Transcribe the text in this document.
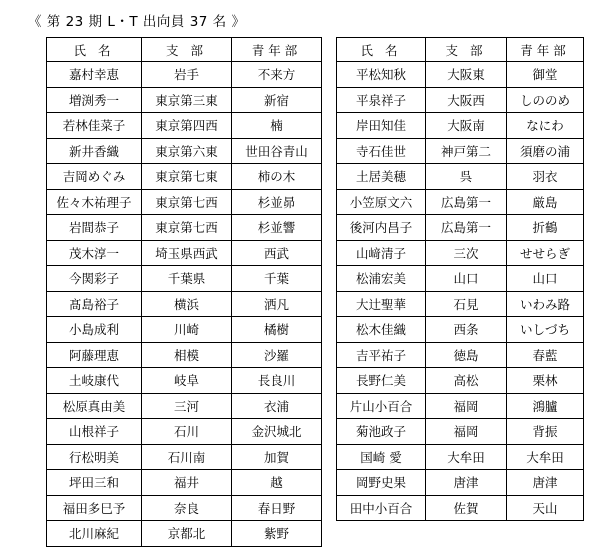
《 第 23 期 L・T 出向員 37 名 》
氏 名	支 部	青年部
嘉村幸恵	岩手	不来方
増渕秀一	東京第三東	新宿
若林佳菜子	東京第四西	楠
新井香織	東京第六東	世田谷青山
吉岡めぐみ	東京第七東	柿の木
佐々木祐理子	東京第七西	杉並昴
岩間恭子	東京第七西	杉並響
茂木淳一	埼玉県西武	西武
今関彩子	千葉県	千葉
髙島裕子	横浜	洒凡
小島成利	川崎	橘樹
阿藤理恵	相模	沙羅
土岐康代	岐阜	長良川
松原真由美	三河	衣浦
山根祥子	石川	金沢城北
行松明美	石川南	加賀
坪田三和	福井	越
福田多巳予	奈良	春日野
北川麻紀	京都北	紫野
氏 名	支 部	青年部
平松知秋	大阪東	御堂
平泉祥子	大阪西	しののめ
岸田知佳	大阪南	なにわ
寺石佳世	神戸第二	須磨の浦
土居美穂	呉	羽衣
小笠原文六	広島第一	厳島
後河内昌子	広島第一	折鶴
山﨑清子	三次	せせらぎ
松浦宏美	山口	山口
大辻聖華	石見	いわみ路
松木佳織	西条	いしづち
吉平祐子	徳島	春藍
長野仁美	高松	栗林
片山小百合	福岡	鴻臚
菊池政子	福岡	背振
国崎 愛	大牟田	大牟田
岡野史果	唐津	唐津
田中小百合	佐賀	天山
